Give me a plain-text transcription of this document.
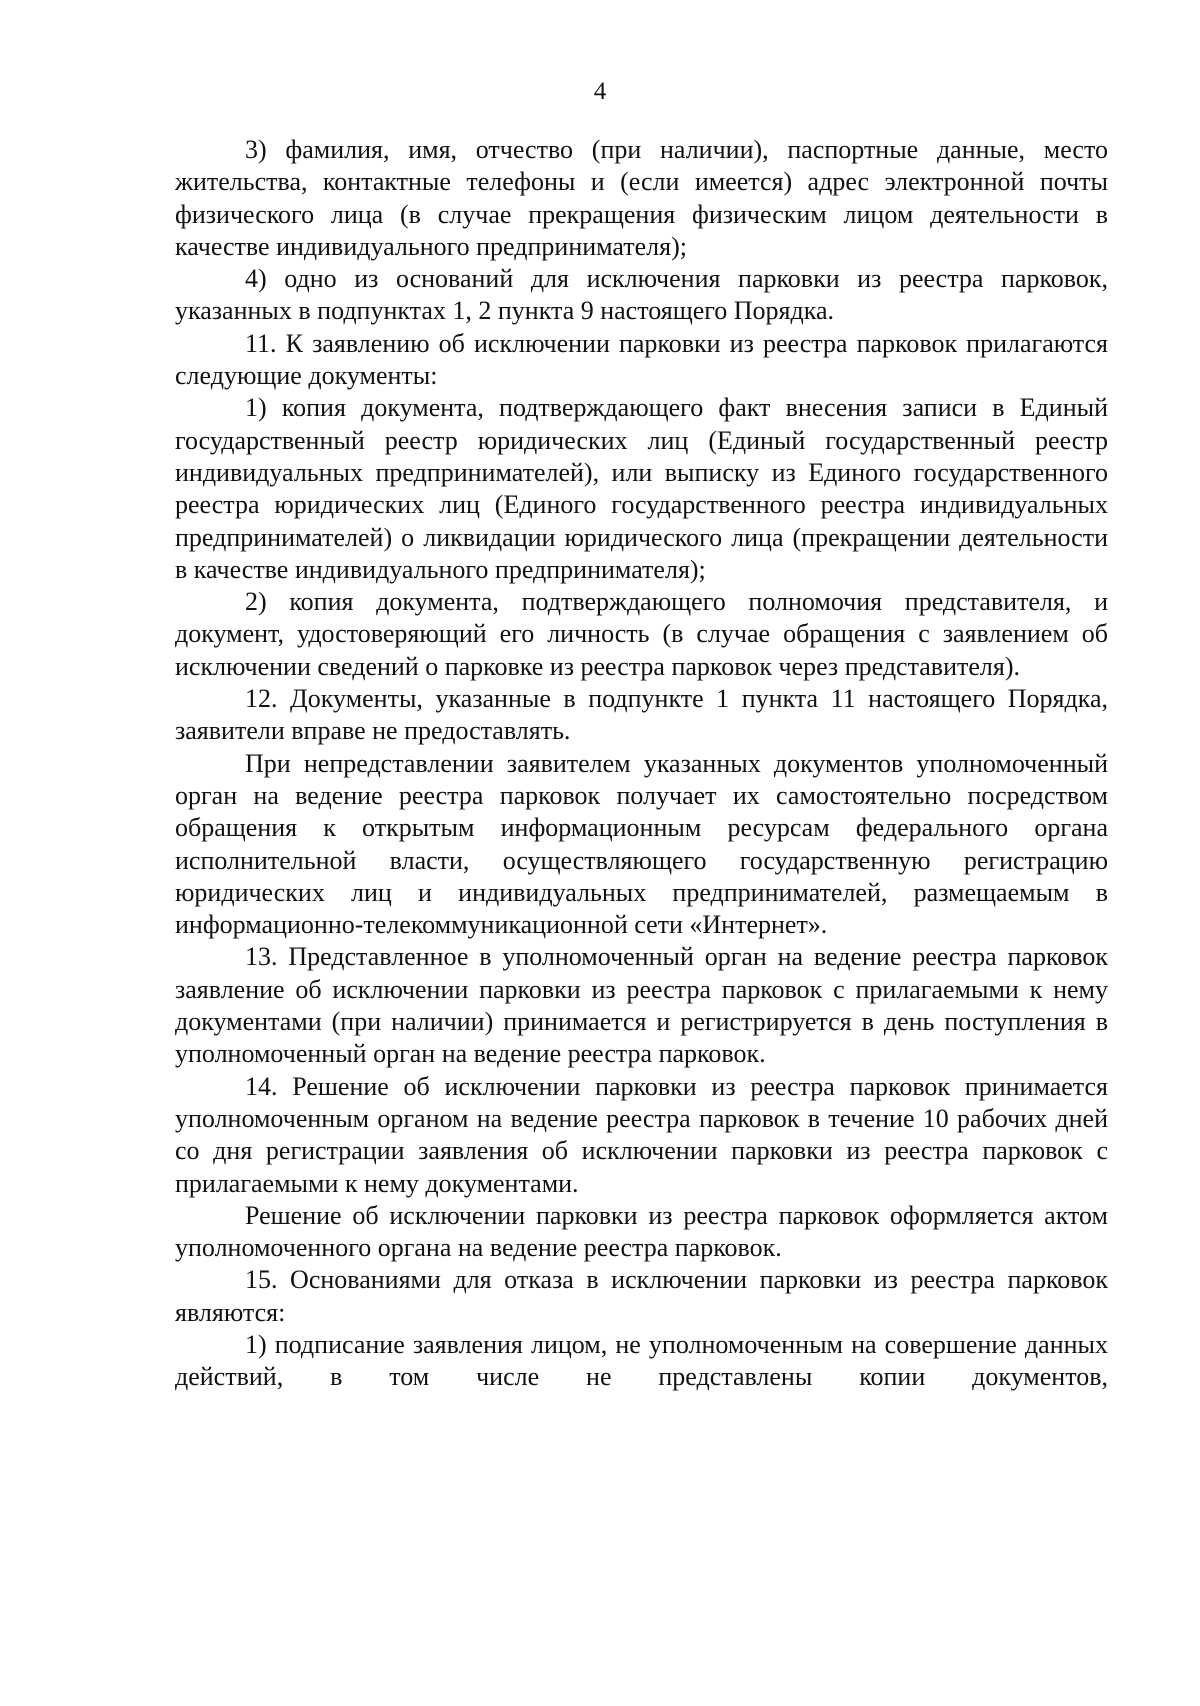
4

3) фамилия, имя, отчество (при наличии), паспортные данные, место жительства, контактные телефоны и (если имеется) адрес электронной почты физического лица (в случае прекращения физическим лицом деятельности в качестве индивидуального предпринимателя);

4) одно из оснований для исключения парковки из реестра парковок, указанных в подпунктах 1, 2 пункта 9 настоящего Порядка.

11. К заявлению об исключении парковки из реестра парковок прилагаются следующие документы:

1) копия документа, подтверждающего факт внесения записи в Единый государственный реестр юридических лиц (Единый государственный реестр индивидуальных предпринимателей), или выписку из Единого государственного реестра юридических лиц (Единого государственного реестра индивидуальных предпринимателей) о ликвидации юридического лица (прекращении деятельности в качестве индивидуального предпринимателя);

2) копия документа, подтверждающего полномочия представителя, и документ, удостоверяющий его личность (в случае обращения с заявлением об исключении сведений о парковке из реестра парковок через представителя).

12. Документы, указанные в подпункте 1 пункта 11 настоящего Порядка, заявители вправе не предоставлять.

При непредставлении заявителем указанных документов уполномоченный орган на ведение реестра парковок получает их самостоятельно посредством обращения к открытым информационным ресурсам федерального органа исполнительной власти, осуществляющего государственную регистрацию юридических лиц и индивидуальных предпринимателей, размещаемым в информационно-телекоммуникационной сети «Интернет».

13. Представленное в уполномоченный орган на ведение реестра парковок заявление об исключении парковки из реестра парковок с прилагаемыми к нему документами (при наличии) принимается и регистрируется в день поступления в уполномоченный орган на ведение реестра парковок.

14. Решение об исключении парковки из реестра парковок принимается уполномоченным органом на ведение реестра парковок в течение 10 рабочих дней со дня регистрации заявления об исключении парковки из реестра парковок с прилагаемыми к нему документами.

Решение об исключении парковки из реестра парковок оформляется актом уполномоченного органа на ведение реестра парковок.

15. Основаниями для отказа в исключении парковки из реестра парковок являются:

1) подписание заявления лицом, не уполномоченным на совершение данных действий, в том числе не представлены копии документов,
